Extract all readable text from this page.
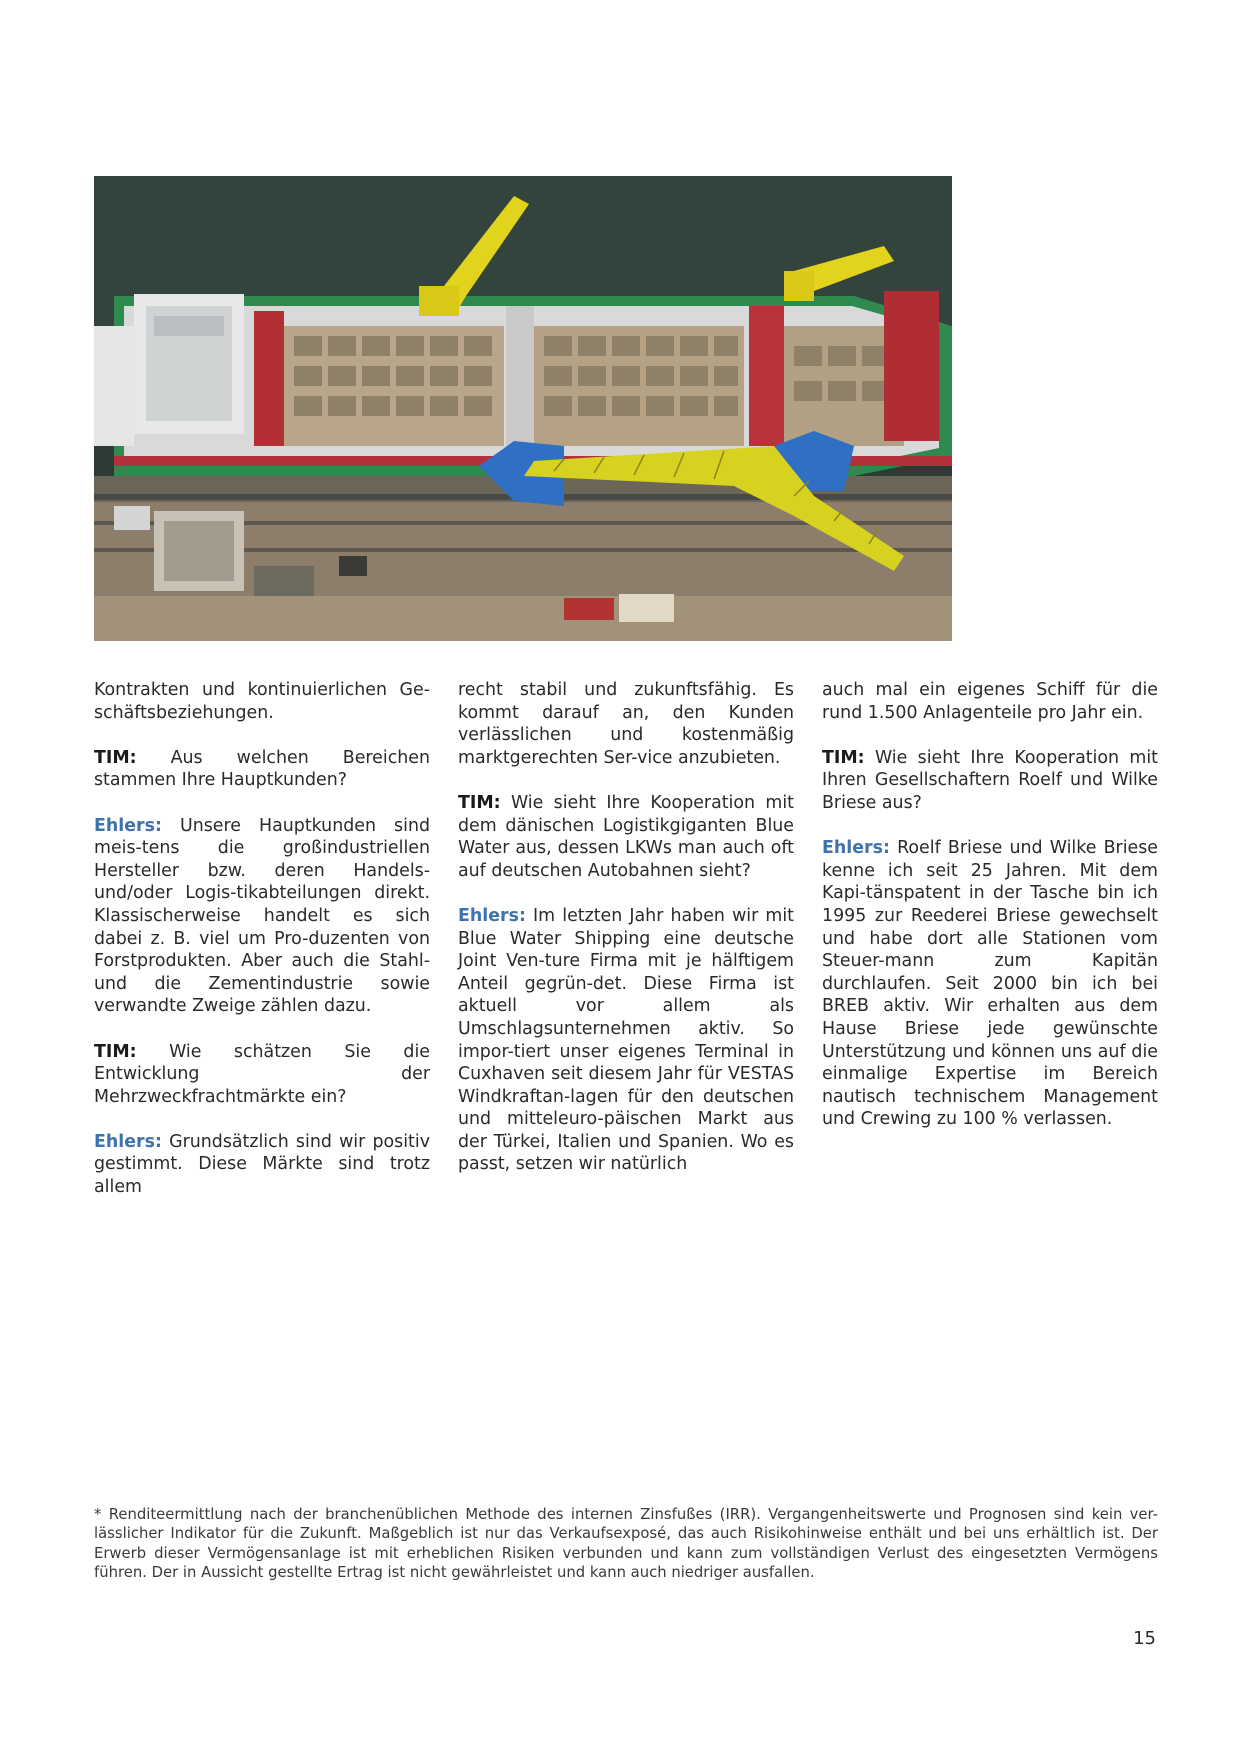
Kontrakten und kontinuierlichen Ge-schäftsbeziehungen.

TIM: Aus welchen Bereichen stammen Ihre Hauptkunden?

Ehlers: Unsere Hauptkunden sind meis-tens die großindustriellen Hersteller bzw. deren Handels- und/oder Logis-tikabteilungen direkt. Klassischerweise handelt es sich dabei z. B. viel um Pro-duzenten von Forstprodukten. Aber auch die Stahl- und die Zementindustrie sowie verwandte Zweige zählen dazu.

TIM: Wie schätzen Sie die Entwicklung der Mehrzweckfrachtmärkte ein?

Ehlers: Grundsätzlich sind wir positiv gestimmt. Diese Märkte sind trotz allem

recht stabil und zukunftsfähig. Es kommt darauf an, den Kunden verlässlichen und kostenmäßig marktgerechten Ser-vice anzubieten.

TIM: Wie sieht Ihre Kooperation mit dem dänischen Logistikgiganten Blue Water aus, dessen LKWs man auch oft auf deutschen Autobahnen sieht?

Ehlers: Im letzten Jahr haben wir mit Blue Water Shipping eine deutsche Joint Ven-ture Firma mit je hälftigem Anteil gegrün-det. Diese Firma ist aktuell vor allem als Umschlagsunternehmen aktiv. So impor-tiert unser eigenes Terminal in Cuxhaven seit diesem Jahr für VESTAS Windkraftan-lagen für den deutschen und mitteleuro-päischen Markt aus der Türkei, Italien und Spanien. Wo es passt, setzen wir natürlich

auch mal ein eigenes Schiff für die rund 1.500 Anlagenteile pro Jahr ein.

TIM: Wie sieht Ihre Kooperation mit Ihren Gesellschaftern Roelf und Wilke Briese aus?

Ehlers: Roelf Briese und Wilke Briese kenne ich seit 25 Jahren. Mit dem Kapi-tänspatent in der Tasche bin ich 1995 zur Reederei Briese gewechselt und habe dort alle Stationen vom Steuer-mann zum Kapitän durchlaufen. Seit 2000 bin ich bei BREB aktiv. Wir erhalten aus dem Hause Briese jede gewünschte Unterstützung und können uns auf die einmalige Expertise im Bereich nautisch technischem Management und Crewing zu 100 % verlassen.

* Renditeermittlung nach der branchenüblichen Methode des internen Zinsfußes (IRR). Vergangenheitswerte und Prognosen sind kein ver-lässlicher Indikator für die Zukunft. Maßgeblich ist nur das Verkaufsexposé, das auch Risikohinweise enthält und bei uns erhältlich ist. Der Erwerb dieser Vermögensanlage ist mit erheblichen Risiken verbunden und kann zum vollständigen Verlust des eingesetzten Vermögens führen. Der in Aussicht gestellte Ertrag ist nicht gewährleistet und kann auch niedriger ausfallen.

15
